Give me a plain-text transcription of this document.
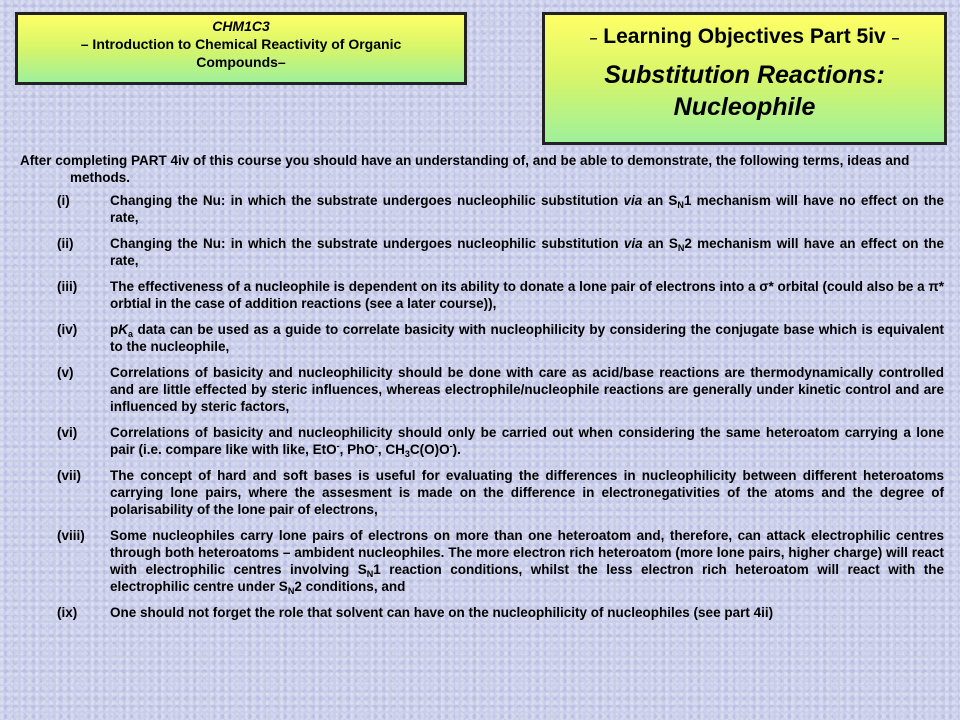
CHM1C3
– Introduction to Chemical Reactivity of Organic
Compounds–
– Learning Objectives Part 5iv –
Substitution Reactions:
Nucleophile

After completing PART 4iv of this course you should have an understanding of, and be able to demonstrate, the following terms, ideas and methods.

(i)	Changing the Nu: in which the substrate undergoes nucleophilic substitution via an $S_N1$ mechanism will have no effect on the rate,
(ii)	Changing the Nu: in which the substrate undergoes nucleophilic substitution via an $S_N2$ mechanism will have an effect on the rate,
(iii)	The effectiveness of a nucleophile is dependent on its ability to donate a lone pair of electrons into a σ* orbital (could also be a π* orbtial in the case of addition reactions (see a later course)),
(iv)	$pK_a$ data can be used as a guide to correlate basicity with nucleophilicity by considering the conjugate base which is equivalent to the nucleophile,
(v)	Correlations of basicity and nucleophilicity should be done with care as acid/base reactions are thermodynamically controlled and are little effected by steric influences, whereas electrophile/nucleophile reactions are generally under kinetic control and are influenced by steric factors,
(vi)	Correlations of basicity and nucleophilicity should only be carried out when considering the same heteroatom carrying a lone pair (i.e. compare like with like, EtO-, PhO-, $CH_3C(O)O^-$).
(vii)	The concept of hard and soft bases is useful for evaluating the differences in nucleophilicity between different heteroatoms carrying lone pairs, where the assesment is made on the difference in electronegativities of the atoms and the degree of polarisability of the lone pair of electrons,
(viii)	Some nucleophiles carry lone pairs of electrons on more than one heteroatom and, therefore, can attack electrophilic centres through both heteroatoms – ambident nucleophiles. The more electron rich heteroatom (more lone pairs, higher charge) will react with electrophilic centres involving $S_N1$ reaction conditions, whilst the less electron rich heteroatom will react with the electrophilic centre under $S_N2$ conditions, and
(ix)	One should not forget the role that solvent can have on the nucleophilicity of nucleophiles (see part 4ii)
